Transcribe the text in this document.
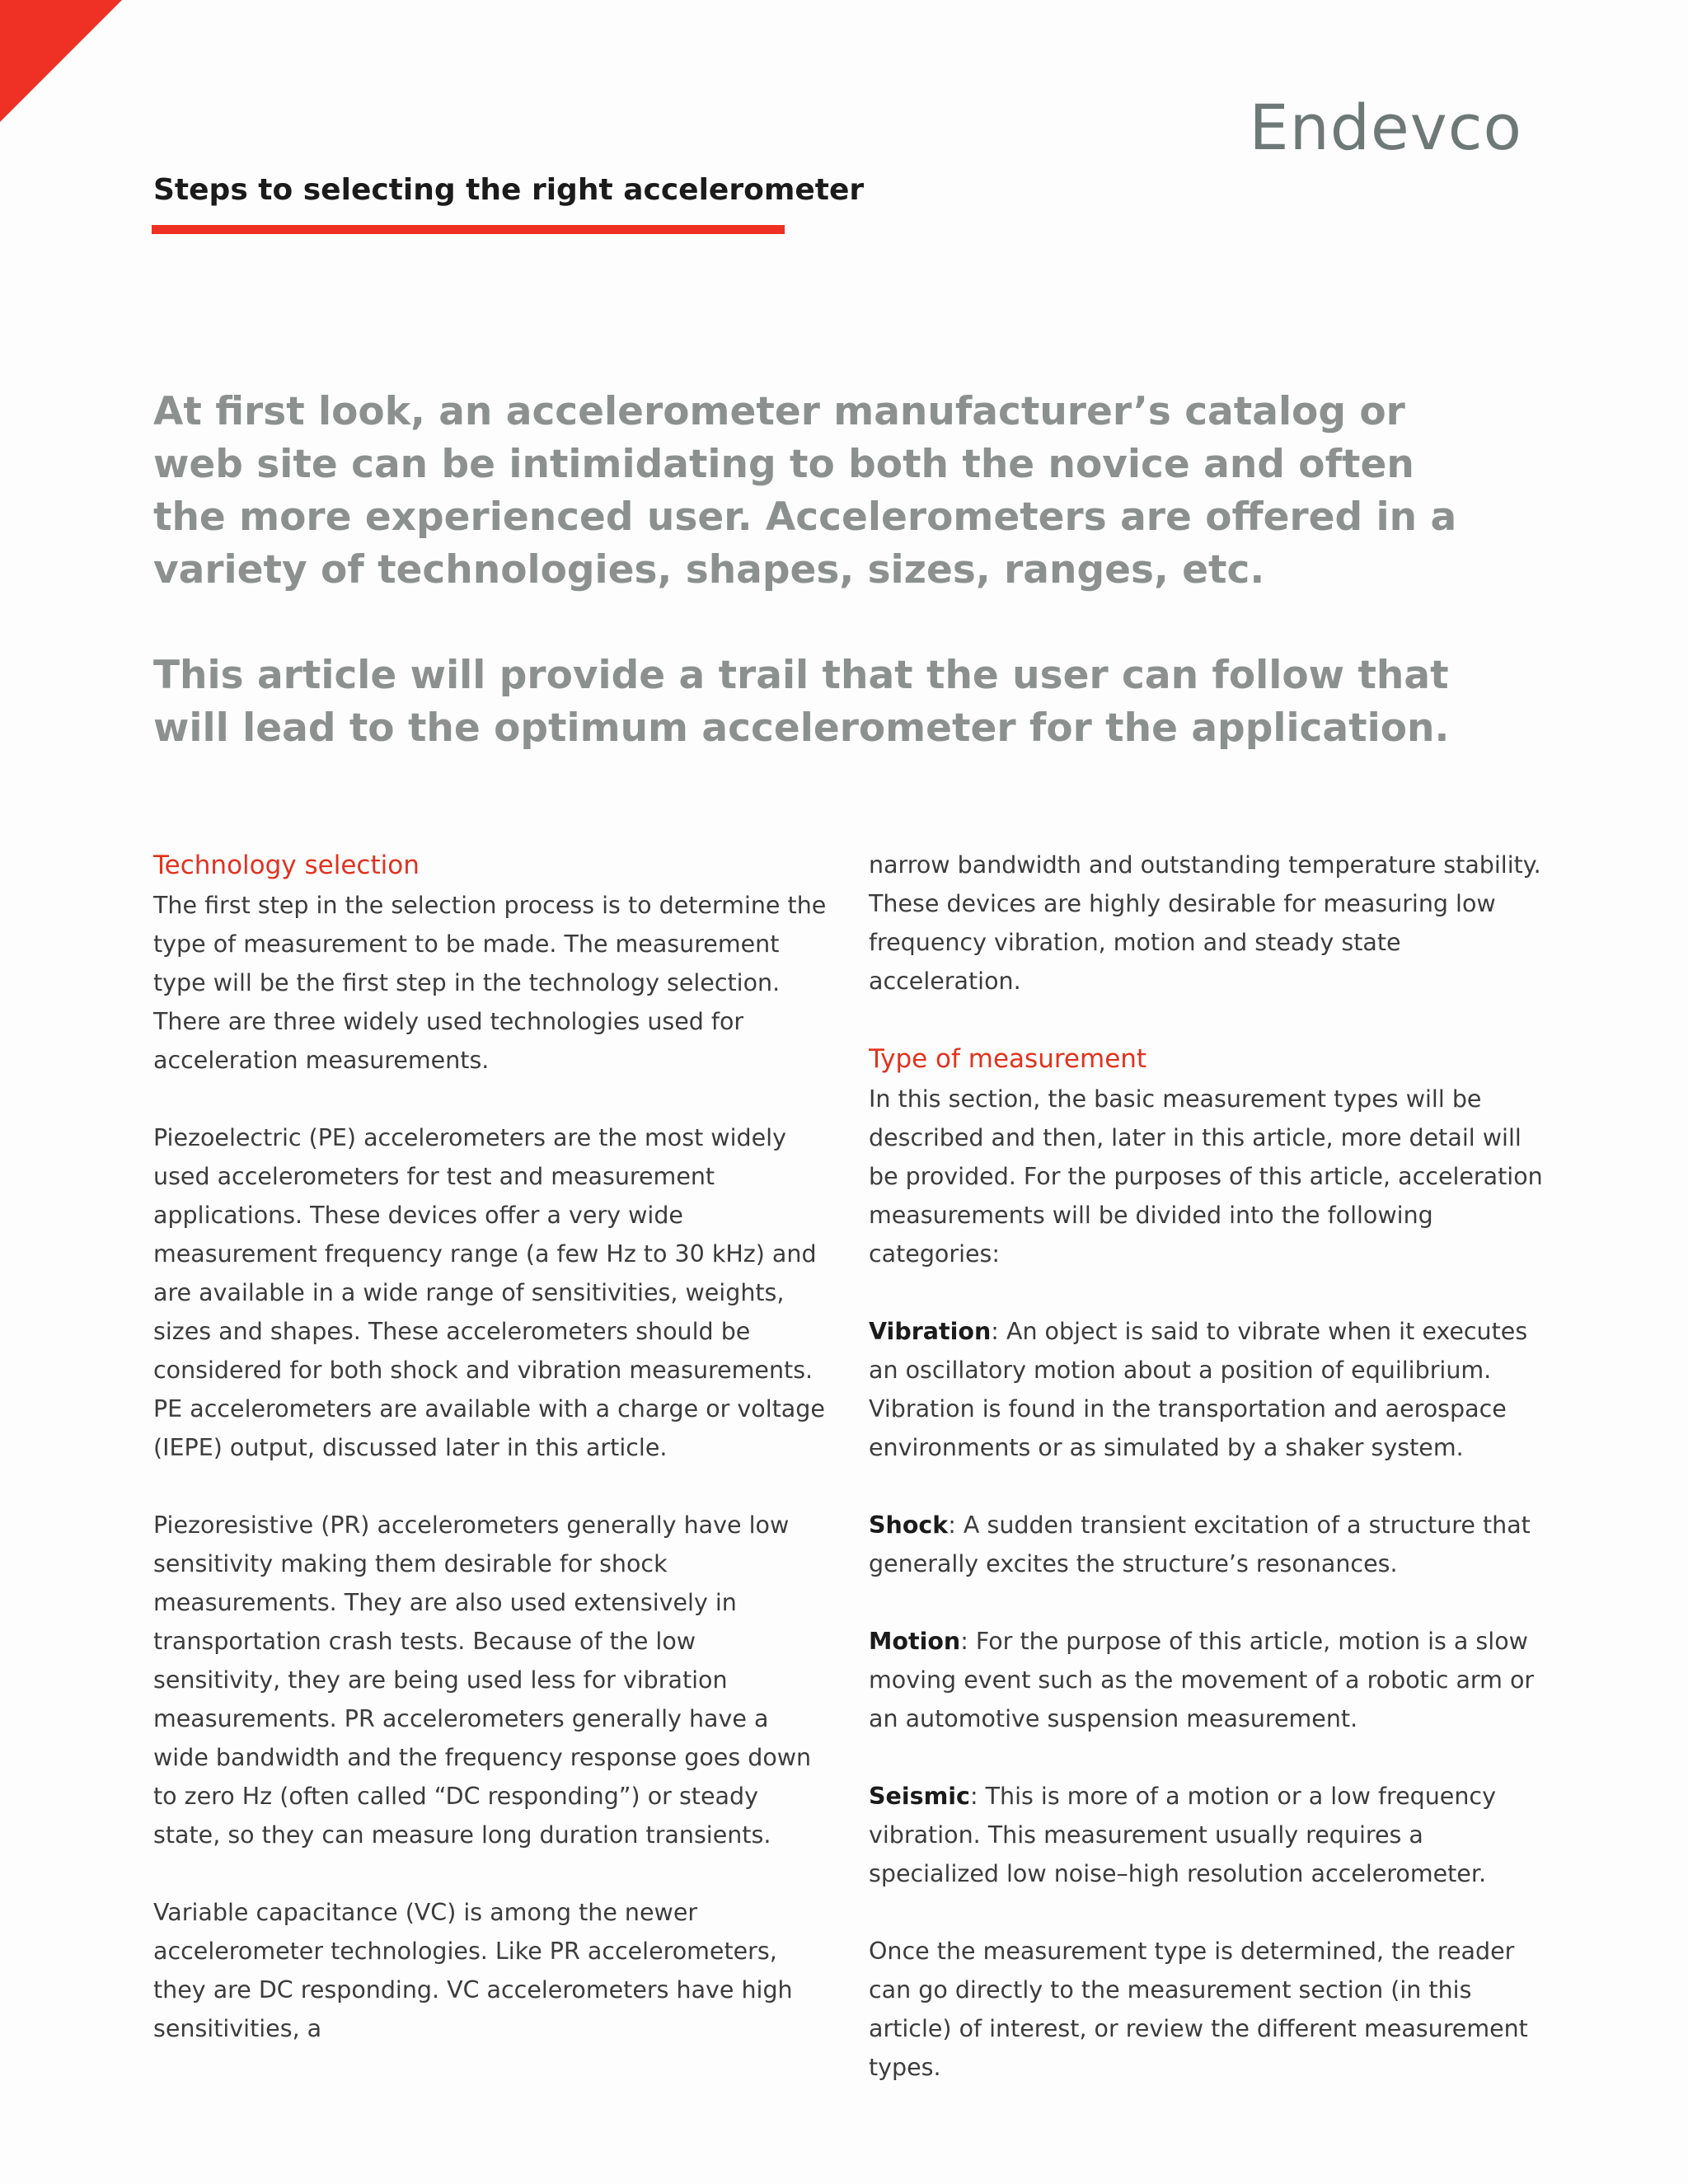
Endevco
Steps to selecting the right accelerometer

At first look, an accelerometer manufacturer’s catalog or web site can be intimidating to both the novice and often the more experienced user. Accelerometers are offered in a variety of technologies, shapes, sizes, ranges, etc.

This article will provide a trail that the user can follow that will lead to the optimum accelerometer for the application.

Technology selection

The first step in the selection process is to determine the type of measurement to be made. The measurement type will be the first step in the technology selection. There are three widely used technologies used for acceleration measurements.

Piezoelectric (PE) accelerometers are the most widely used accelerometers for test and measurement applications. These devices offer a very wide measurement frequency range (a few Hz to 30 kHz) and are available in a wide range of sensitivities, weights, sizes and shapes. These accelerometers should be considered for both shock and vibration measurements. PE accelerometers are available with a charge or voltage (IEPE) output, discussed later in this article.

Piezoresistive (PR) accelerometers generally have low sensitivity making them desirable for shock measurements. They are also used extensively in transportation crash tests. Because of the low sensitivity, they are being used less for vibration measurements. PR accelerometers generally have a wide bandwidth and the frequency response goes down to zero Hz (often called “DC responding”) or steady state, so they can measure long duration transients.

Variable capacitance (VC) is among the newer accelerometer technologies. Like PR accelerometers, they are DC responding. VC accelerometers have high sensitivities, a

narrow bandwidth and outstanding temperature stability. These devices are highly desirable for measuring low frequency vibration, motion and steady state acceleration.

Type of measurement

In this section, the basic measurement types will be described and then, later in this article, more detail will be provided. For the purposes of this article, acceleration measurements will be divided into the following categories:

Vibration: An object is said to vibrate when it executes an oscillatory motion about a position of equilibrium. Vibration is found in the transportation and aerospace environments or as simulated by a shaker system.

Shock: A sudden transient excitation of a structure that generally excites the structure’s resonances.

Motion: For the purpose of this article, motion is a slow moving event such as the movement of a robotic arm or an automotive suspension measurement.

Seismic: This is more of a motion or a low frequency vibration. This measurement usually requires a specialized low noise–high resolution accelerometer.

Once the measurement type is determined, the reader can go directly to the measurement section (in this article) of interest, or review the different measurement types.
